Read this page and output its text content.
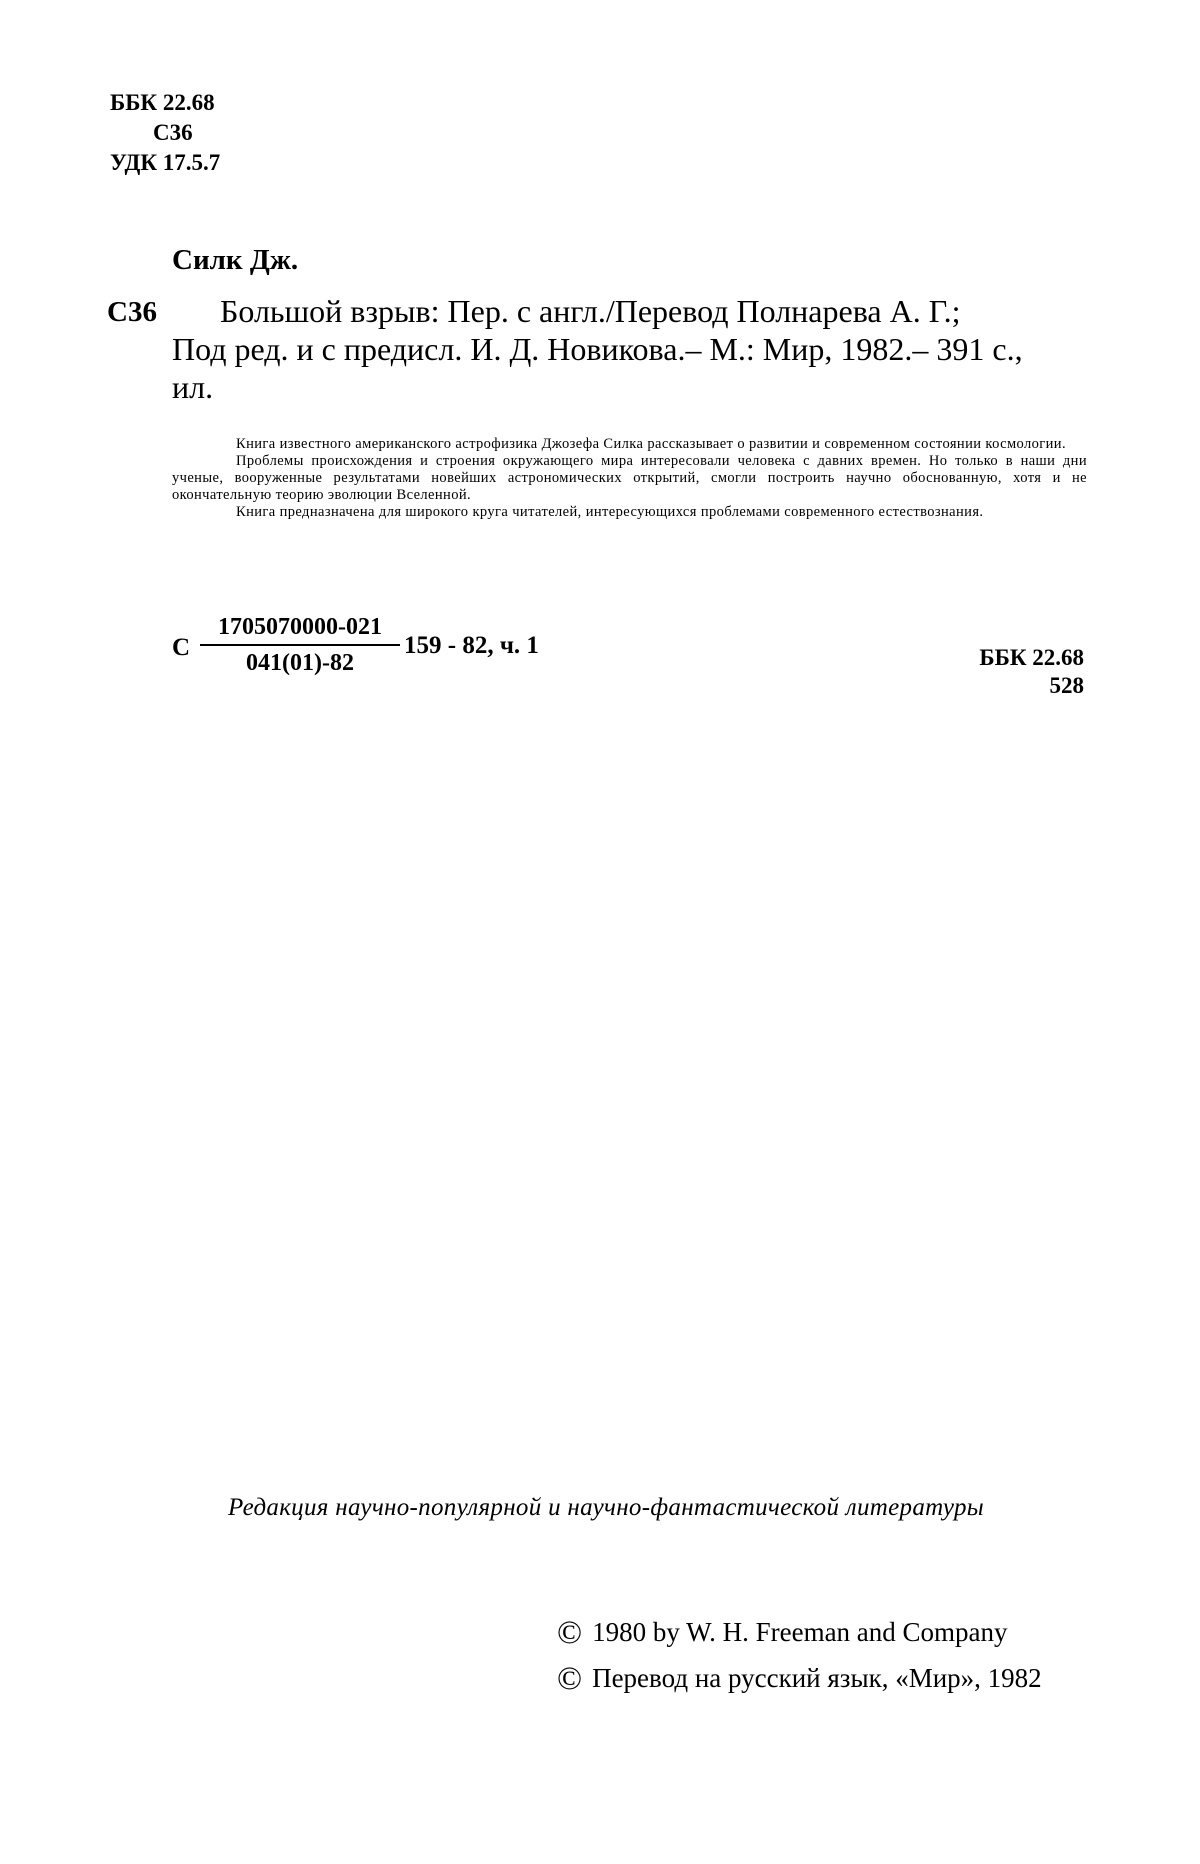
ББК 22.68
С36
УДК 17.5.7
Силк Дж.
С36	Большой взрыв: Пер. с англ./Перевод Полнарева А. Г.;
Под ред. и с предисл. И. Д. Новикова.– М.: Мир, 1982.– 391 с.,
ил.

Книга известного американского астрофизика Джозефа Силка рассказывает о развитии и современном состоянии космологии.

Проблемы происхождения и строения окружающего мира интересовали человека с давних времен. Но только в наши дни ученые, вооруженные результатами новейших астрономических открытий, смогли построить научно обоснованную, хотя и не окончательную теорию эволюции Вселенной.

Книга предназначена для широкого круга читателей, интересующихся проблемами современного естествознания.

С $\frac{1705070000-021}{041(01)-82} 159 - 82$, ч. 1	ББК 22.68
528
Редакция научно-популярной и научно-фантастической литературы
© 1980 by W. H. Freeman and Company
© Перевод на русский язык, «Мир», 1982
